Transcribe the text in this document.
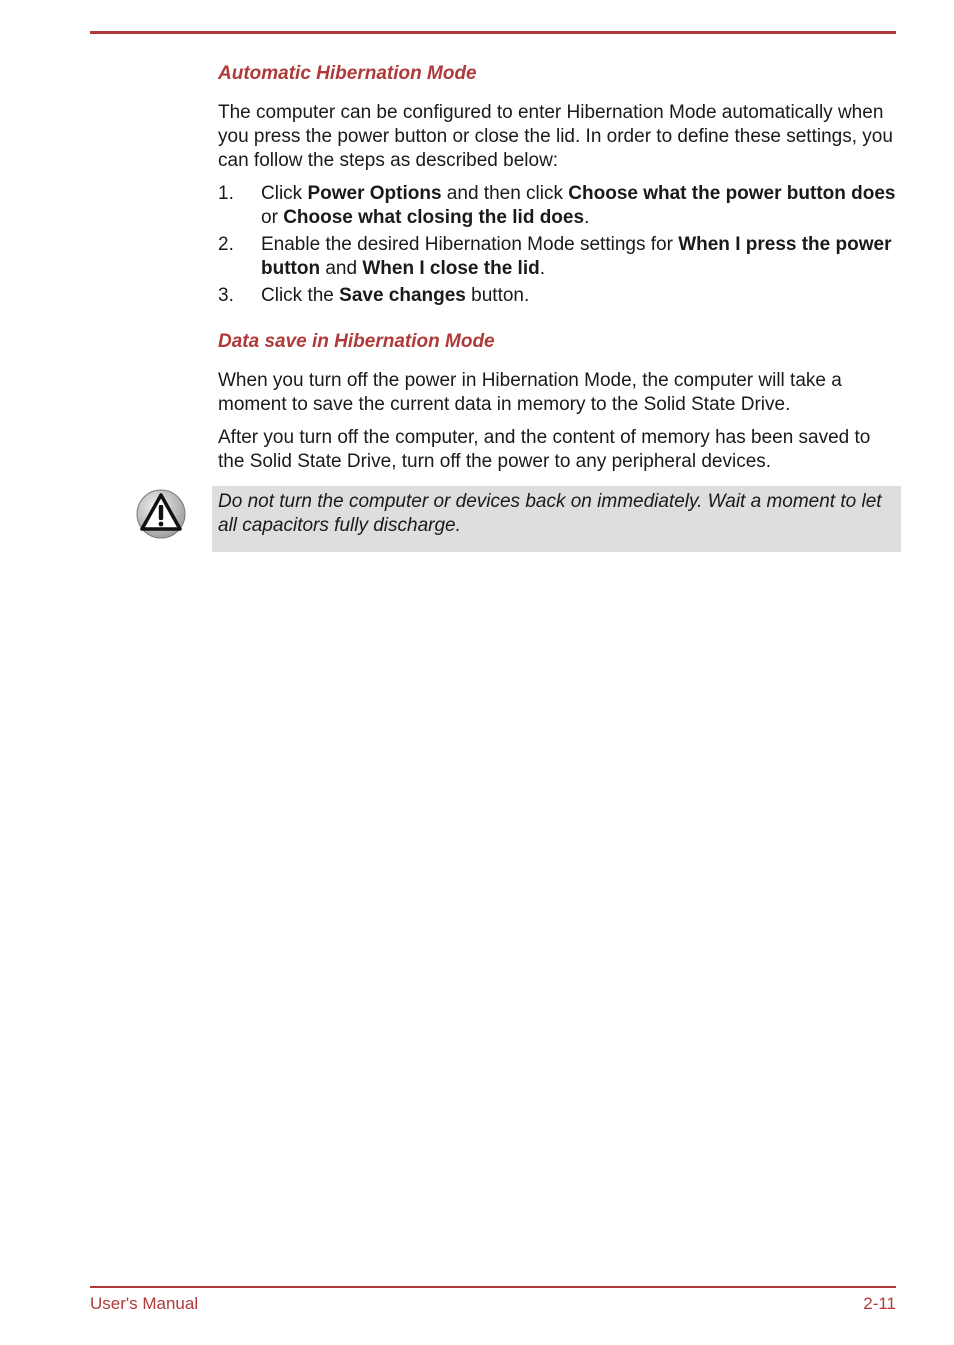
Automatic Hibernation Mode

The computer can be configured to enter Hibernation Mode automatically when you press the power button or close the lid. In order to define these settings, you can follow the steps as described below:

1. Click Power Options and then click Choose what the power button does or Choose what closing the lid does.
2. Enable the desired Hibernation Mode settings for When I press the power button and When I close the lid.
3. Click the Save changes button.
Data save in Hibernation Mode

When you turn off the power in Hibernation Mode, the computer will take a moment to save the current data in memory to the Solid State Drive.

After you turn off the computer, and the content of memory has been saved to the Solid State Drive, turn off the power to any peripheral devices.

Do not turn the computer or devices back on immediately. Wait a moment to let all capacitors fully discharge.

User's Manual	2-11
